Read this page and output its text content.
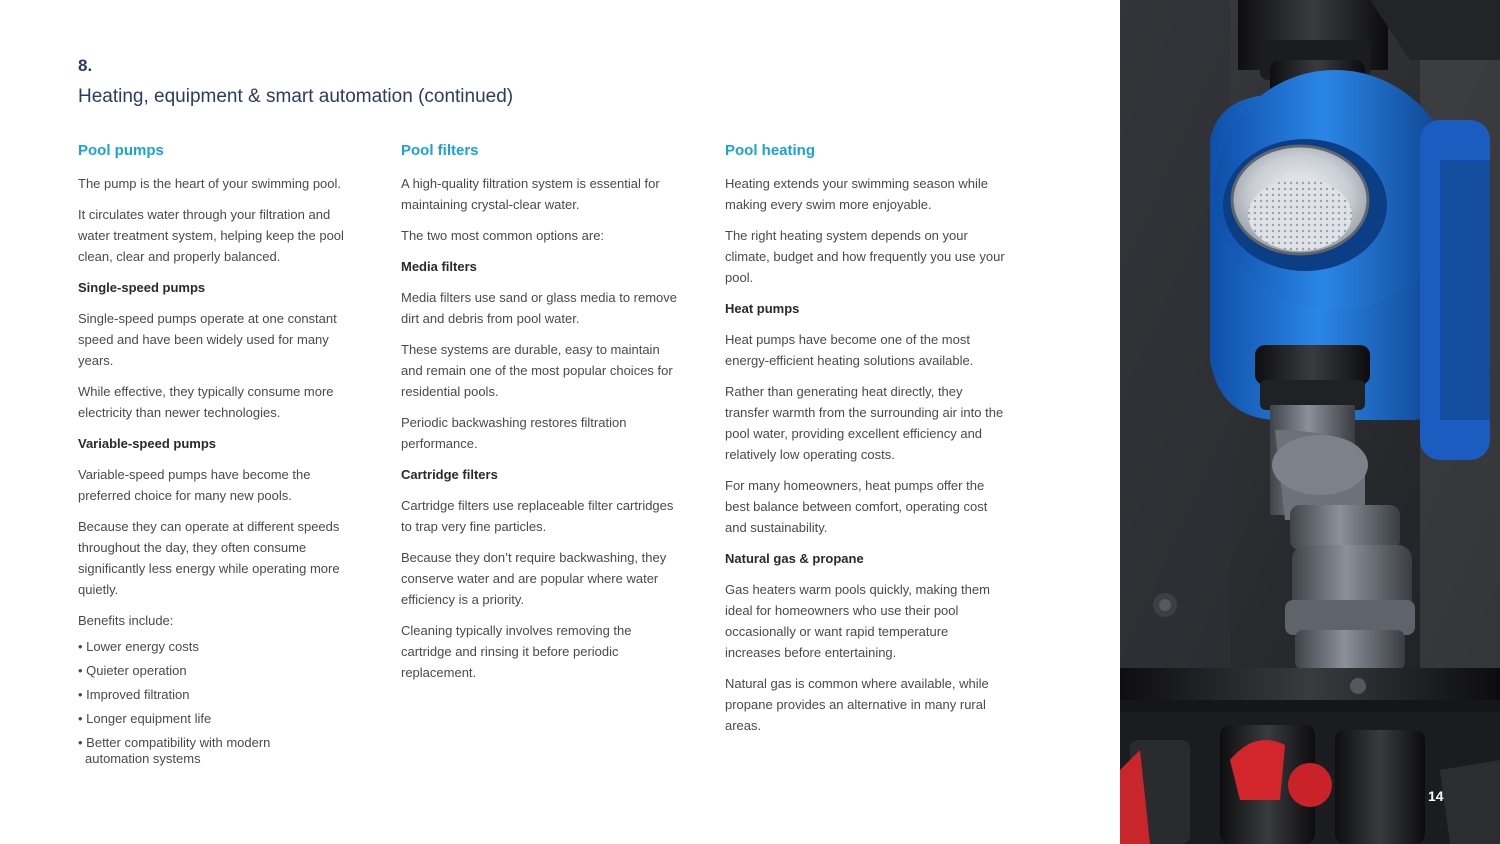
8.
Heating, equipment & smart automation (continued)
Pool pumps

The pump is the heart of your swimming pool.

It circulates water through your filtration and water treatment system, helping keep the pool clean, clear and properly balanced.

Single-speed pumps

Single-speed pumps operate at one constant speed and have been widely used for many years.

While effective, they typically consume more electricity than newer technologies.

Variable-speed pumps

Variable-speed pumps have become the preferred choice for many new pools.

Because they can operate at different speeds throughout the day, they often consume significantly less energy while operating more quietly.

Benefits include:

• Lower energy costs
• Quieter operation
• Improved filtration
• Longer equipment life
• Better compatibility with modern automation systems
Pool filters

A high-quality filtration system is essential for maintaining crystal-clear water.

The two most common options are:

Media filters

Media filters use sand or glass media to remove dirt and debris from pool water.

These systems are durable, easy to maintain and remain one of the most popular choices for residential pools.

Periodic backwashing restores filtration performance.

Cartridge filters

Cartridge filters use replaceable filter cartridges to trap very fine particles.

Because they don’t require backwashing, they conserve water and are popular where water efficiency is a priority.

Cleaning typically involves removing the cartridge and rinsing it before periodic replacement.

Pool heating

Heating extends your swimming season while making every swim more enjoyable.

The right heating system depends on your climate, budget and how frequently you use your pool.

Heat pumps

Heat pumps have become one of the most energy-efficient heating solutions available.

Rather than generating heat directly, they transfer warmth from the surrounding air into the pool water, providing excellent efficiency and relatively low operating costs.

For many homeowners, heat pumps offer the best balance between comfort, operating cost and sustainability.

Natural gas & propane

Gas heaters warm pools quickly, making them ideal for homeowners who use their pool occasionally or want rapid temperature increases before entertaining.

Natural gas is common where available, while propane provides an alternative in many rural areas.

14
